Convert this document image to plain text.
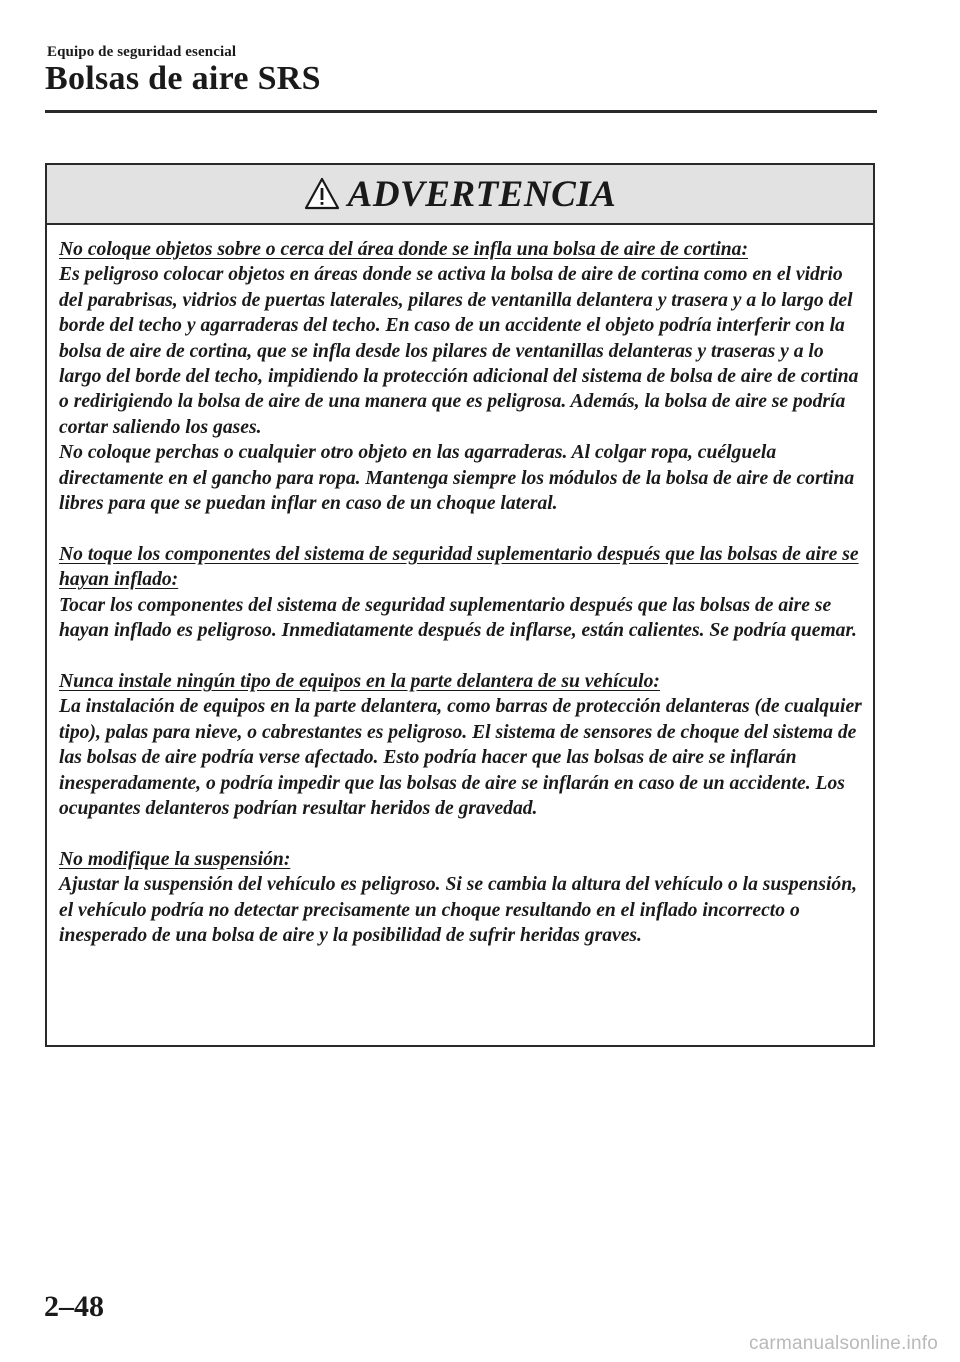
Equipo de seguridad esencial
Bolsas de aire SRS
ADVERTENCIA
No coloque objetos sobre o cerca del área donde se infla una bolsa de aire de cortina:
Es peligroso colocar objetos en áreas donde se activa la bolsa de aire de cortina como en el vidrio del parabrisas, vidrios de puertas laterales, pilares de ventanilla delantera y trasera y a lo largo del borde del techo y agarraderas del techo. En caso de un accidente el objeto podría interferir con la bolsa de aire de cortina, que se infla desde los pilares de ventanillas delanteras y traseras y a lo largo del borde del techo, impidiendo la protección adicional del sistema de bolsa de aire de cortina o redirigiendo la bolsa de aire de una manera que es peligrosa. Además, la bolsa de aire se podría cortar saliendo los gases.
No coloque perchas o cualquier otro objeto en las agarraderas. Al colgar ropa, cuélguela directamente en el gancho para ropa. Mantenga siempre los módulos de la bolsa de aire de cortina libres para que se puedan inflar en caso de un choque lateral.
No toque los componentes del sistema de seguridad suplementario después que las bolsas de aire se hayan inflado:
Tocar los componentes del sistema de seguridad suplementario después que las bolsas de aire se hayan inflado es peligroso. Inmediatamente después de inflarse, están calientes. Se podría quemar.
Nunca instale ningún tipo de equipos en la parte delantera de su vehículo:
La instalación de equipos en la parte delantera, como barras de protección delanteras (de cualquier tipo), palas para nieve, o cabrestantes es peligroso. El sistema de sensores de choque del sistema de las bolsas de aire podría verse afectado. Esto podría hacer que las bolsas de aire se inflarán inesperadamente, o podría impedir que las bolsas de aire se inflarán en caso de un accidente. Los ocupantes delanteros podrían resultar heridos de gravedad.
No modifique la suspensión:
Ajustar la suspensión del vehículo es peligroso. Si se cambia la altura del vehículo o la suspensión, el vehículo podría no detectar precisamente un choque resultando en el inflado incorrecto o inesperado de una bolsa de aire y la posibilidad de sufrir heridas graves.
2–48
carmanualsonline.info
